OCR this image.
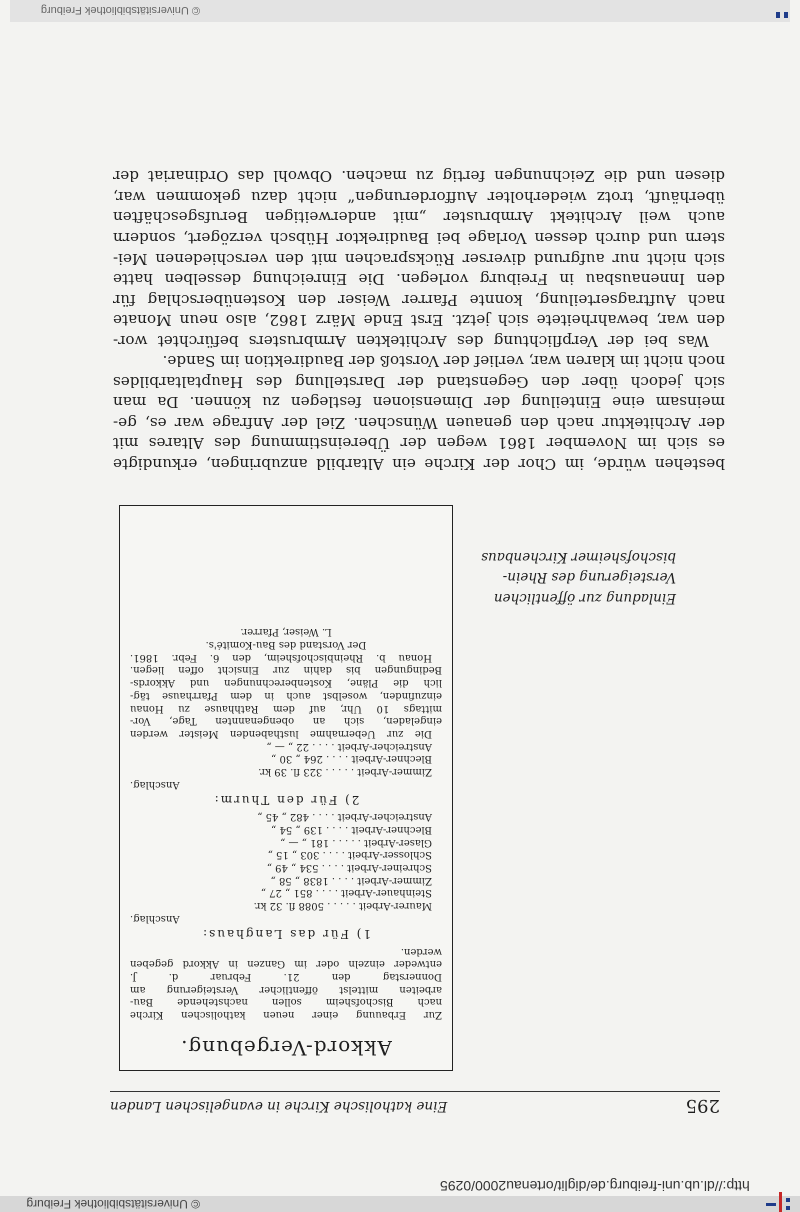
© Universitätsbibliothek Freiburg
http://dl.ub.uni-freiburg.de/diglit/ortenau2000/0295
295
Eine katholische Kirche in evangelischen Landen
Akkord-Vergebung.
Zur Erbauung einer neuen katholischen Kirche
nach Bischofsheim sollen nachstehende Bau-
arbeiten mittelst öffentlicher Versteigerung am
Donnerstag den 21. Februar d. J.
entweder einzeln oder im Ganzen in Akkord gegeben
werden.
1) Für das Langhaus:
Anschlag.
Maurer-Arbeit . . . . . 5088 fl. 32 kr.
Steinhauer-Arbeit . . . . 851 „ 27 „
Zimmer-Arbeit . . . . 1838 „ 58 „
Schreiner-Arbeit . . . . 534 „ 49 „
Schlosser-Arbeit . . . . 303 „ 15 „
Glaser-Arbeit . . . . . 181 „ — „
Blechner-Arbeit . . . . 139 „ 54 „
Anstreicher-Arbeit . . . . 482 „ 45 „
2) Für den Thurm:
Anschlag.
Zimmer-Arbeit . . . . . 323 fl. 39 kr.
Blechner-Arbeit . . . . 264 „ 30 „
Anstreicher-Arbeit . . . . 22 „ — „
Die zur Uebernahme lusthabenden Meister werden
eingeladen, sich an obengenannten Tage, Vor-
mittags 10 Uhr, auf dem Rathhause zu Honau
einzufinden, woselbst auch in dem Pfarrhause täg-
lich die Pläne, Kostenberechnungen und Akkords-
Bedingungen bis dahin zur Einsicht offen liegen.
Honau b. Rheinbischofsheim, den 6. Febr. 1861.
Der Vorstand des Bau-Komité's.
L. Weiser, Pfarrer.
Einladung zur öffentlichen
Versteigerung des Rhein-
bischofsheimer Kirchenbaus
bestehen würde, im Chor der Kirche ein Altarbild anzubringen, erkundigte
es sich im November 1861 wegen der Übereinstimmung des Altares mit
der Architektur nach den genauen Wünschen. Ziel der Anfrage war es, ge-
meinsam eine Einteilung der Dimensionen festlegen zu können. Da man
sich jedoch über den Gegenstand der Darstellung des Hauptaltarbildes
noch nicht im klaren war, verlief der Vorstoß der Baudirektion im Sande.
Was bei der Verpflichtung des Architekten Armbrusters befürchtet wor-
den war, bewahrheitete sich jetzt. Erst Ende März 1862, also neun Monate
nach Auftragserteilung, konnte Pfarrer Weiser den Kostenüberschlag für
den Innenausbau in Freiburg vorlegen. Die Einreichung desselben hatte
sich nicht nur aufgrund diverser Rücksprachen mit den verschiedenen Mei-
stern und durch dessen Vorlage bei Baudirektor Hübsch verzögert, sondern
auch weil Architekt Armbruster „mit anderweitigen Berufsgeschäften
überhäuft, trotz wiederholter Aufforderungen“ nicht dazu gekommen war,
diesen und die Zeichnungen fertig zu machen. Obwohl das Ordinariat der
© Universitätsbibliothek Freiburg
